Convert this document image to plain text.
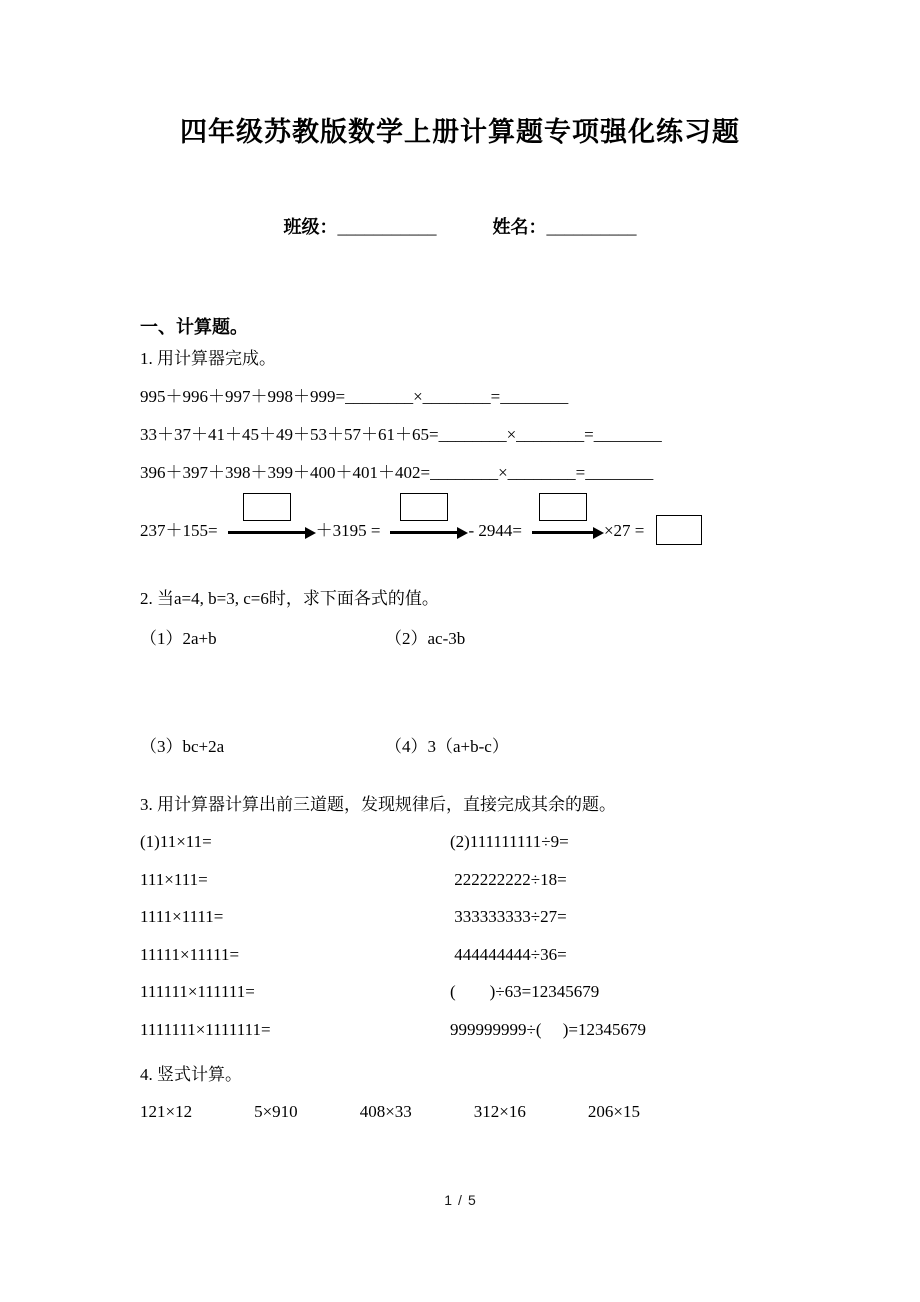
四年级苏教版数学上册计算题专项强化练习题
班级：___________	姓名：__________
一、计算题。
1. 用计算器完成。
995＋996＋997＋998＋999=________×________=________
33＋37＋41＋45＋49＋53＋57＋61＋65=________×________=________
396＋397＋398＋399＋400＋401＋402=________×________=________
237＋155=	＋3195 =	- 2944=	×27 =
2. 当a=4, b=3, c=6时，求下面各式的值。
（1）2a+b	（2）ac-3b
（3）bc+2a	（4）3（a+b-c）
3. 用计算器计算出前三道题，发现规律后，直接完成其余的题。
(1)11×11=	(2)111111111÷9=
111×111=	222222222÷18=
1111×1111=	333333333÷27=
11111×11111=	444444444÷36=
111111×111111=	(        )÷63=12345679
1111111×1111111=	999999999÷(     )=12345679
4. 竖式计算。
121×12	5×910	408×33	312×16	206×15
1 / 5
